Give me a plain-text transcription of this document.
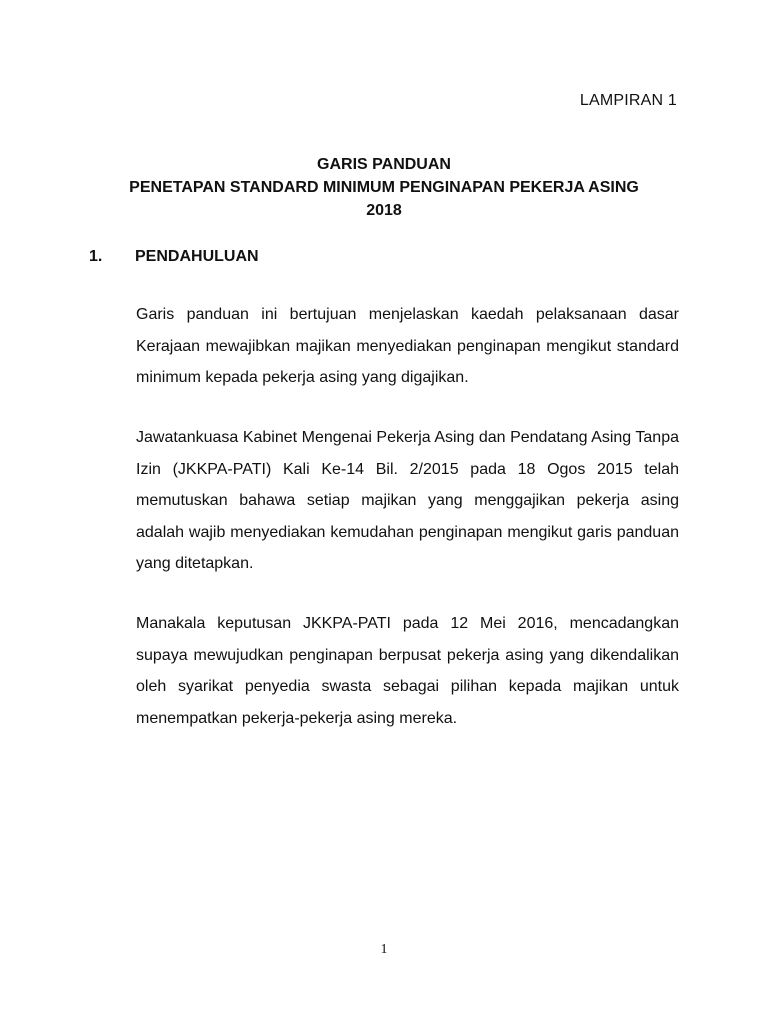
LAMPIRAN 1
GARIS PANDUAN
PENETAPAN STANDARD MINIMUM PENGINAPAN PEKERJA ASING
2018
1. PENDAHULUAN
Garis panduan ini bertujuan menjelaskan kaedah pelaksanaan dasar Kerajaan mewajibkan majikan menyediakan penginapan mengikut standard minimum kepada pekerja asing yang digajikan.
Jawatankuasa Kabinet Mengenai Pekerja Asing dan Pendatang Asing Tanpa Izin (JKKPA-PATI) Kali Ke-14 Bil. 2/2015 pada 18 Ogos 2015 telah memutuskan bahawa setiap majikan yang menggajikan pekerja asing adalah wajib menyediakan kemudahan penginapan mengikut garis panduan yang ditetapkan.
Manakala keputusan JKKPA-PATI pada 12 Mei 2016, mencadangkan supaya mewujudkan penginapan berpusat pekerja asing yang dikendalikan oleh syarikat penyedia swasta sebagai pilihan kepada majikan untuk menempatkan pekerja-pekerja asing mereka.
1
